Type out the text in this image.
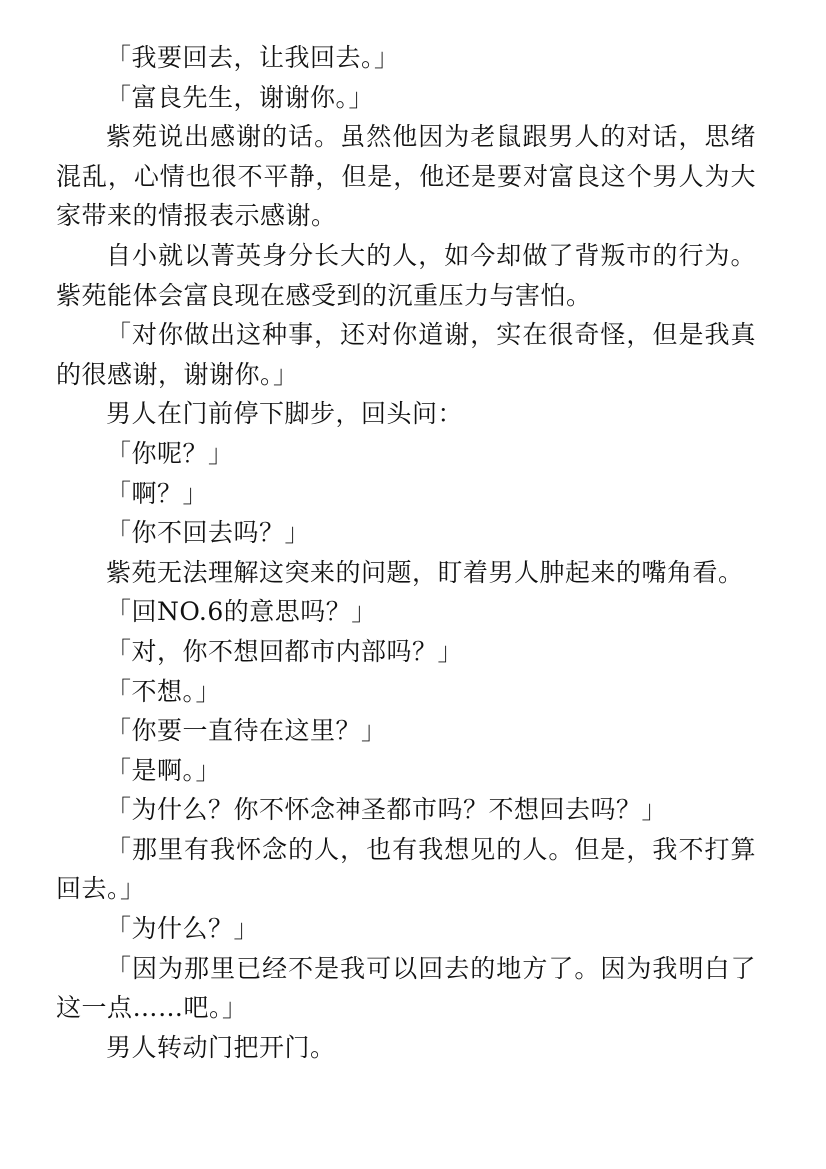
「我要回去，让我回去。」

「富良先生，谢谢你。」

紫苑说出感谢的话。虽然他因为老鼠跟男人的对话，思绪混乱，心情也很不平静，但是，他还是要对富良这个男人为大家带来的情报表示感谢。

自小就以菁英身分长大的人，如今却做了背叛市的行为。紫苑能体会富良现在感受到的沉重压力与害怕。

「对你做出这种事，还对你道谢，实在很奇怪，但是我真的很感谢，谢谢你。」

男人在门前停下脚步，回头问：

「你呢？」

「啊？」

「你不回去吗？」

紫苑无法理解这突来的问题，盯着男人肿起来的嘴角看。

「回NO.6的意思吗？」

「对，你不想回都市内部吗？」

「不想。」

「你要一直待在这里？」

「是啊。」

「为什么？你不怀念神圣都市吗？不想回去吗？」

「那里有我怀念的人，也有我想见的人。但是，我不打算回去。」

「为什么？」

「因为那里已经不是我可以回去的地方了。因为我明白了这一点……吧。」

男人转动门把开门。
